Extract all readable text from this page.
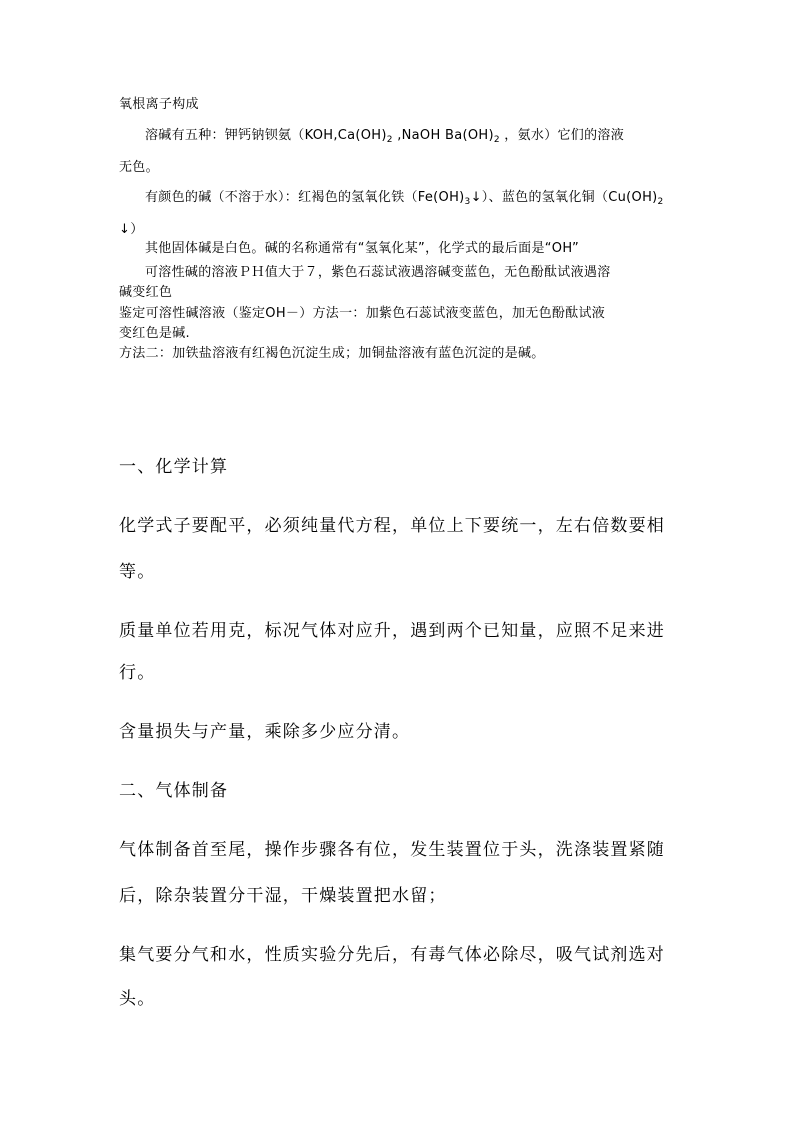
氧根离子构成
溶碱有五种：钾钙钠钡氨（$KOH,Ca(OH)_2$ ,NaOH $Ba(OH)_2$ ，氨水）它们的溶液
无色。
有颜色的碱（不溶于水）：红褐色的氢氧化铁$(Fe(OH)_3↓)$、蓝色的氢氧化铜（$Cu(OH)_2$
↓）
其他固体碱是白色。碱的名称通常有“氢氧化某”，化学式的最后面是“OH”
可溶性碱的溶液ＰＨ值大于７，紫色石蕊试液遇溶碱变蓝色，无色酚酞试液遇溶
碱变红色
鉴定可溶性碱溶液（鉴定OH－）方法一：加紫色石蕊试液变蓝色，加无色酚酞试液
变红色是碱.
方法二：加铁盐溶液有红褐色沉淀生成；加铜盐溶液有蓝色沉淀的是碱。
一、化学计算
化学式子要配平，必须纯量代方程，单位上下要统一，左右倍数要相
等。
质量单位若用克，标况气体对应升，遇到两个已知量，应照不足来进
行。
含量损失与产量，乘除多少应分清。
二、气体制备
气体制备首至尾，操作步骤各有位，发生装置位于头，洗涤装置紧随
后，除杂装置分干湿，干燥装置把水留；
集气要分气和水，性质实验分先后，有毒气体必除尽，吸气试剂选对
头。
